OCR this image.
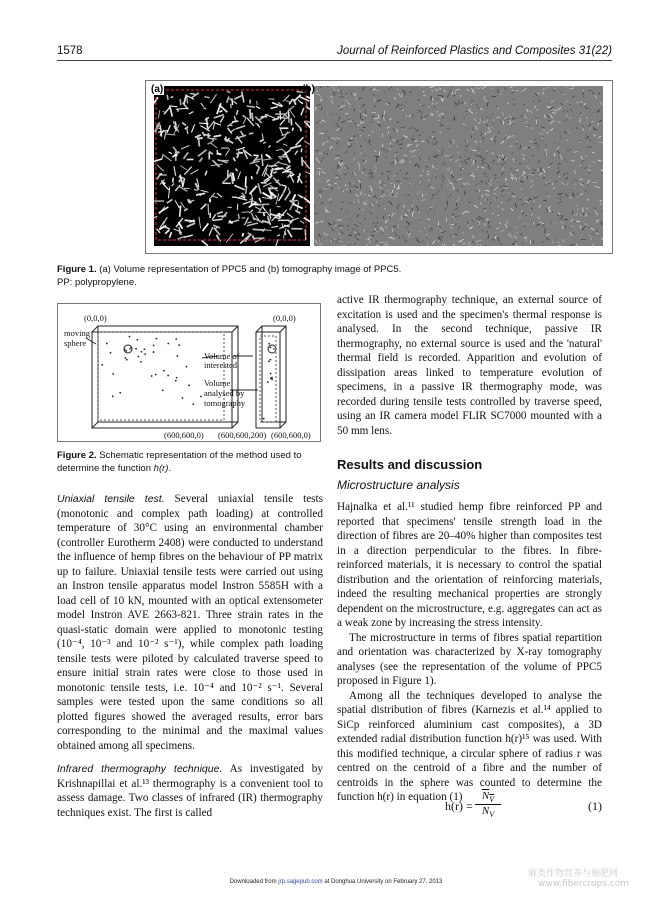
1578	Journal of Reinforced Plastics and Composites 31(22)
(a)	(b)
Figure 1. (a) Volume representation of PPC5 and (b) tomography image of PPC5.
PP: polypropylene.
(0,0,0)
moving
sphere
Volume of
interested
Volume
analysed by
tomography
(0,0,0)
(600,600,0) (600,600,200) (600,600,0)
Figure 2. Schematic representation of the method used to determine the function h(r).

Uniaxial tensile test. Several uniaxial tensile tests (monotonic and complex path loading) at controlled temperature of 30°C using an environmental chamber (controller Eurotherm 2408) were conducted to understand the influence of hemp fibres on the behaviour of PP matrix up to failure. Uniaxial tensile tests were carried out using an Instron tensile apparatus model Instron 5585H with a load cell of 10 kN, mounted with an optical extensometer model Instron AVE 2663-821. Three strain rates in the quasi-static domain were applied to monotonic testing (10⁻⁴, 10⁻³ and 10⁻² s⁻¹), while complex path loading tensile tests were piloted by calculated traverse speed to ensure initial strain rates were close to those used in monotonic tensile tests, i.e. 10⁻⁴ and 10⁻² s⁻¹. Several samples were tested upon the same conditions so all plotted figures showed the averaged results, error bars corresponding to the minimal and the maximal values obtained among all specimens.

Infrared thermography technique. As investigated by Krishnapillai et al.¹³ thermography is a convenient tool to assess damage. Two classes of infrared (IR) thermography techniques exist. The first is called

active IR thermography technique, an external source of excitation is used and the specimen's thermal response is analysed. In the second technique, passive IR thermography, no external source is used and the 'natural' thermal field is recorded. Apparition and evolution of dissipation areas linked to temperature evolution of specimens, in a passive IR thermography mode, was recorded during tensile tests controlled by traverse speed, using an IR camera model FLIR SC7000 mounted with a 50 mm lens.

Results and discussion

Microstructure analysis

Hajnalka et al.¹¹ studied hemp fibre reinforced PP and reported that specimens' tensile strength load in the direction of fibres are 20–40% higher than composites test in a direction perpendicular to the fibres. In fibre-reinforced materials, it is necessary to control the spatial distribution and the orientation of reinforcing materials, indeed the resulting mechanical properties are strongly dependent on the microstructure, e.g. aggregates can act as a weak zone by increasing the stress intensity.

The microstructure in terms of fibres spatial repartition and orientation was characterized by X-ray tomography analyses (see the representation of the volume of PPC5 proposed in Figure 1).

Among all the techniques developed to analyse the spatial distribution of fibres (Karnezis et al.¹⁴ applied to SiCp reinforced aluminium cast composites), a 3D extended radial distribution function h(r)¹⁵ was used. With this modified technique, a circular sphere of radius r was centred on the centroid of a fibre and the number of centroids in the sphere was counted to determine the function h(r) in equation (1)

$h(r) = \frac{N_V}{N_V}$	(1)
Downloaded from jrp.sagepub.com at Donghua University on February 27, 2013
麻类作物营养与施肥网
www.fibercrops.com
